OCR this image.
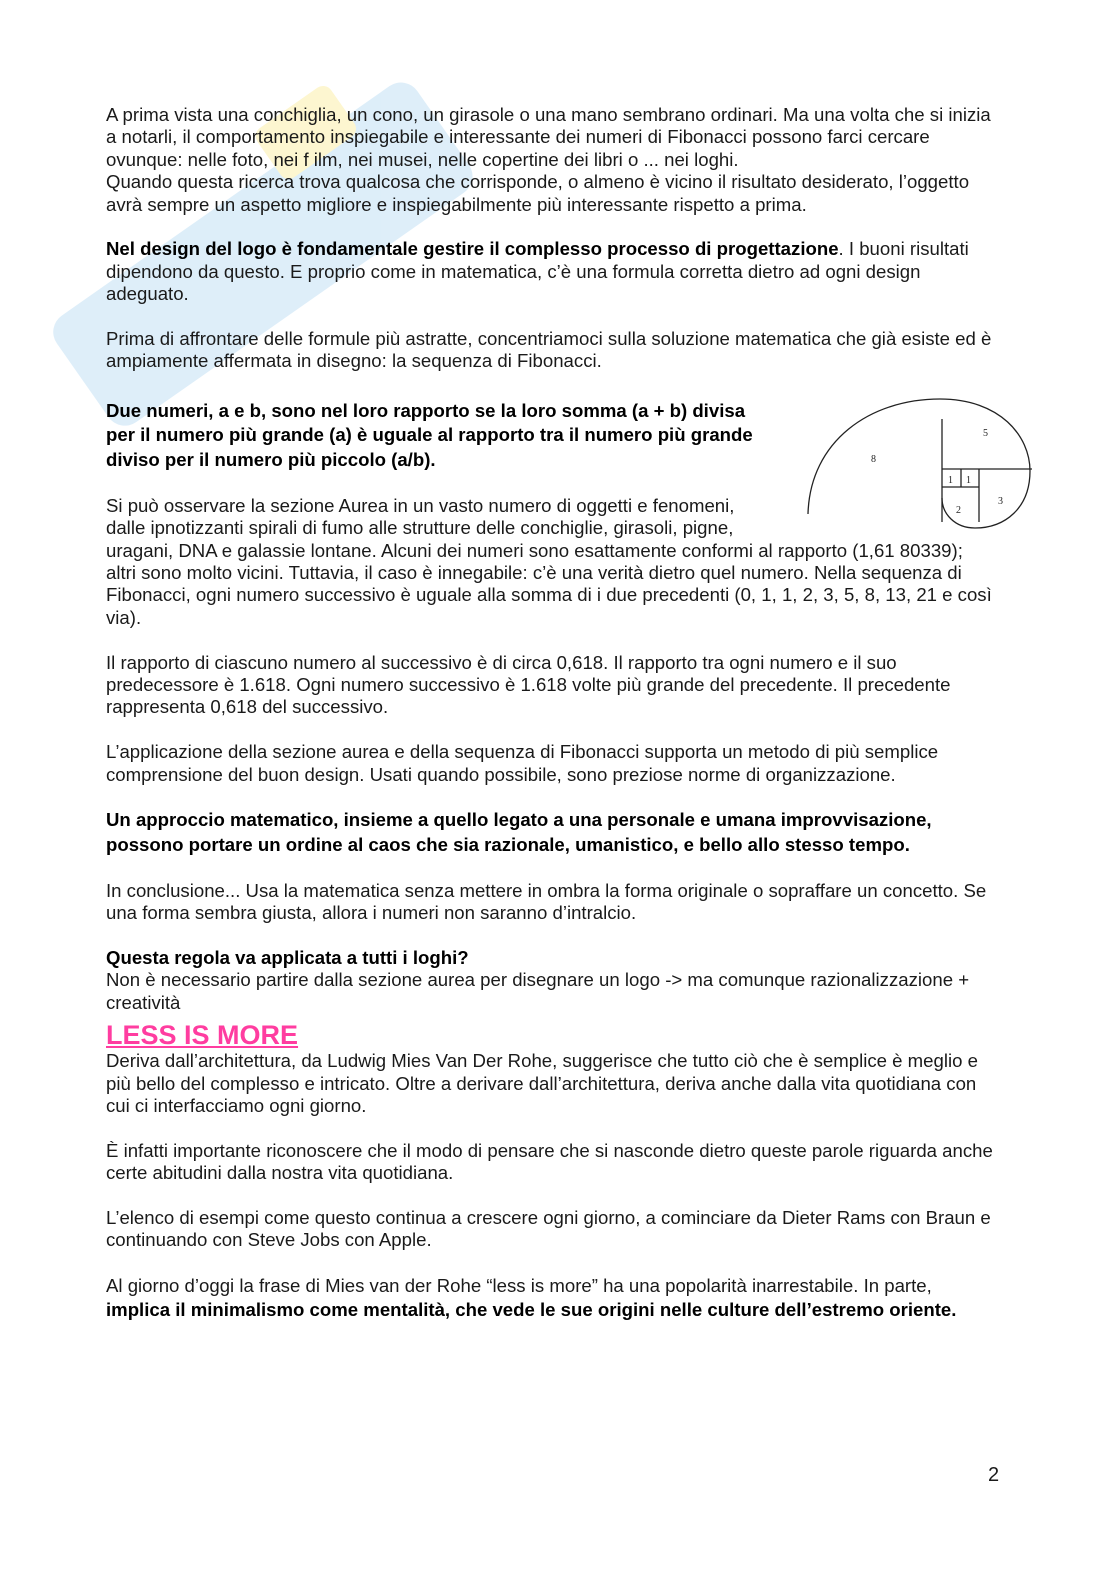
8
5
3
2
1 1

A prima vista una conchiglia, un cono, un girasole o una mano sembrano ordinari. Ma una volta che si inizia a notarli, il comportamento inspiegabile e interessante dei numeri di Fibonacci possono farci cercare ovunque: nelle foto, nei f ilm, nei musei, nelle copertine dei libri o ... nei loghi.

Quando questa ricerca trova qualcosa che corrisponde, o almeno è vicino il risultato desiderato, l’oggetto avrà sempre un aspetto migliore e inspiegabilmente più interessante rispetto a prima.

Nel design del logo è fondamentale gestire il complesso processo di progettazione. I buoni risultati dipendono da questo. E proprio come in matematica, c’è una formula corretta dietro ad ogni design adeguato.

Prima di affrontare delle formule più astratte, concentriamoci sulla soluzione matematica che già esiste ed è ampiamente affermata in disegno: la sequenza di Fibonacci.

Due numeri, a e b, sono nel loro rapporto se la loro somma (a + b) divisa per il numero più grande (a) è uguale al rapporto tra il numero più grande diviso per il numero più piccolo (a/b).

Si può osservare la sezione Aurea in un vasto numero di oggetti e fenomeni, dalle ipnotizzanti spirali di fumo alle strutture delle conchiglie, girasoli, pigne, uragani, DNA e galassie lontane. Alcuni dei numeri sono esattamente conformi al rapporto (1,61 80339); altri sono molto vicini. Tuttavia, il caso è innegabile: c’è una verità dietro quel numero. Nella sequenza di Fibonacci, ogni numero successivo è uguale alla somma di i due precedenti (0, 1, 1, 2, 3, 5, 8, 13, 21 e così via).

Il rapporto di ciascuno numero al successivo è di circa 0,618. Il rapporto tra ogni numero e il suo predecessore è 1.618. Ogni numero successivo è 1.618 volte più grande del precedente. Il precedente rappresenta 0,618 del successivo.

L’applicazione della sezione aurea e della sequenza di Fibonacci supporta un metodo di più semplice comprensione del buon design. Usati quando possibile, sono preziose norme di organizzazione.

Un approccio matematico, insieme a quello legato a una personale e umana improvvisazione, possono portare un ordine al caos che sia razionale, umanistico, e bello allo stesso tempo.

In conclusione... Usa la matematica senza mettere in ombra la forma originale o sopraffare un concetto. Se una forma sembra giusta, allora i numeri non saranno d’intralcio.

Questa regola va applicata a tutti i loghi?

Non è necessario partire dalla sezione aurea per disegnare un logo -> ma comunque razionalizzazione + creatività

LESS IS MORE

Deriva dall’architettura, da Ludwig Mies Van Der Rohe, suggerisce che tutto ciò che è semplice è meglio e più bello del complesso e intricato. Oltre a derivare dall’architettura, deriva anche dalla vita quotidiana con cui ci interfacciamo ogni giorno.

È infatti importante riconoscere che il modo di pensare che si nasconde dietro queste parole riguarda anche certe abitudini dalla nostra vita quotidiana.

L’elenco di esempi come questo continua a crescere ogni giorno, a cominciare da Dieter Rams con Braun e continuando con Steve Jobs con Apple.

Al giorno d’oggi la frase di Mies van der Rohe “less is more” ha una popolarità inarrestabile. In parte, implica il minimalismo come mentalità, che vede le sue origini nelle culture dell’estremo oriente.

2
